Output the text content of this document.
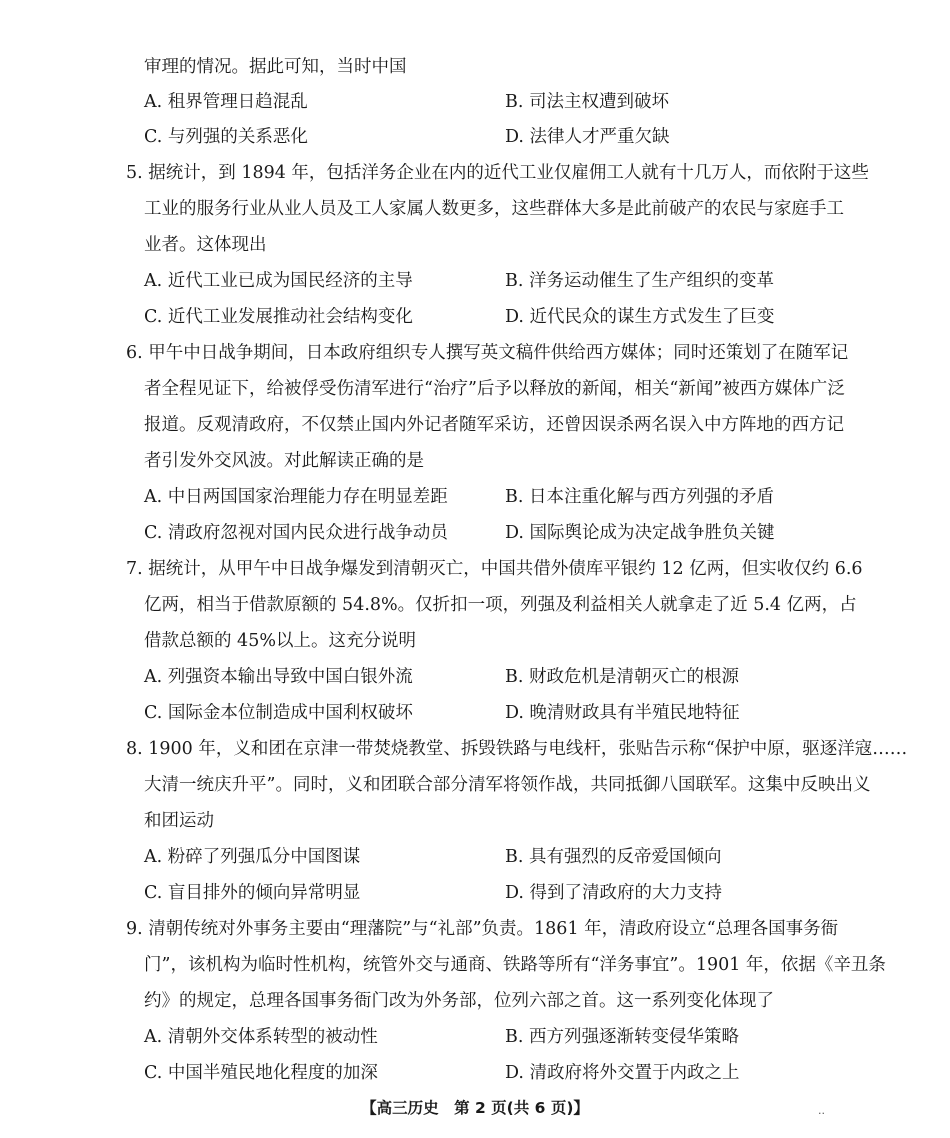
审理的情况。据此可知，当时中国
A. 租界管理日趋混乱	B. 司法主权遭到破坏
C. 与列强的关系恶化	D. 法律人才严重欠缺
5. 据统计，到 1894 年，包括洋务企业在内的近代工业仅雇佣工人就有十几万人，而依附于这些
工业的服务行业从业人员及工人家属人数更多，这些群体大多是此前破产的农民与家庭手工
业者。这体现出
A. 近代工业已成为国民经济的主导	B. 洋务运动催生了生产组织的变革
C. 近代工业发展推动社会结构变化	D. 近代民众的谋生方式发生了巨变
6. 甲午中日战争期间，日本政府组织专人撰写英文稿件供给西方媒体；同时还策划了在随军记
者全程见证下，给被俘受伤清军进行“治疗”后予以释放的新闻，相关“新闻”被西方媒体广泛
报道。反观清政府，不仅禁止国内外记者随军采访，还曾因误杀两名误入中方阵地的西方记
者引发外交风波。对此解读正确的是
A. 中日两国国家治理能力存在明显差距	B. 日本注重化解与西方列强的矛盾
C. 清政府忽视对国内民众进行战争动员	D. 国际舆论成为决定战争胜负关键
7. 据统计，从甲午中日战争爆发到清朝灭亡，中国共借外债库平银约 12 亿两，但实收仅约 6.6
亿两，相当于借款原额的 54.8%。仅折扣一项，列强及利益相关人就拿走了近 5.4 亿两，占
借款总额的 45%以上。这充分说明
A. 列强资本输出导致中国白银外流	B. 财政危机是清朝灭亡的根源
C. 国际金本位制造成中国利权破坏	D. 晚清财政具有半殖民地特征
8. 1900 年，义和团在京津一带焚烧教堂、拆毁铁路与电线杆，张贴告示称“保护中原，驱逐洋寇……
大清一统庆升平”。同时，义和团联合部分清军将领作战，共同抵御八国联军。这集中反映出义
和团运动
A. 粉碎了列强瓜分中国图谋	B. 具有强烈的反帝爱国倾向
C. 盲目排外的倾向异常明显	D. 得到了清政府的大力支持
9. 清朝传统对外事务主要由“理藩院”与“礼部”负责。1861 年，清政府设立“总理各国事务衙
门”，该机构为临时性机构，统管外交与通商、铁路等所有“洋务事宜”。1901 年，依据《辛丑条
约》的规定，总理各国事务衙门改为外务部，位列六部之首。这一系列变化体现了
A. 清朝外交体系转型的被动性	B. 西方列强逐渐转变侵华策略
C. 中国半殖民地化程度的加深	D. 清政府将外交置于内政之上
【高三历史　第 2 页(共 6 页)】	..
